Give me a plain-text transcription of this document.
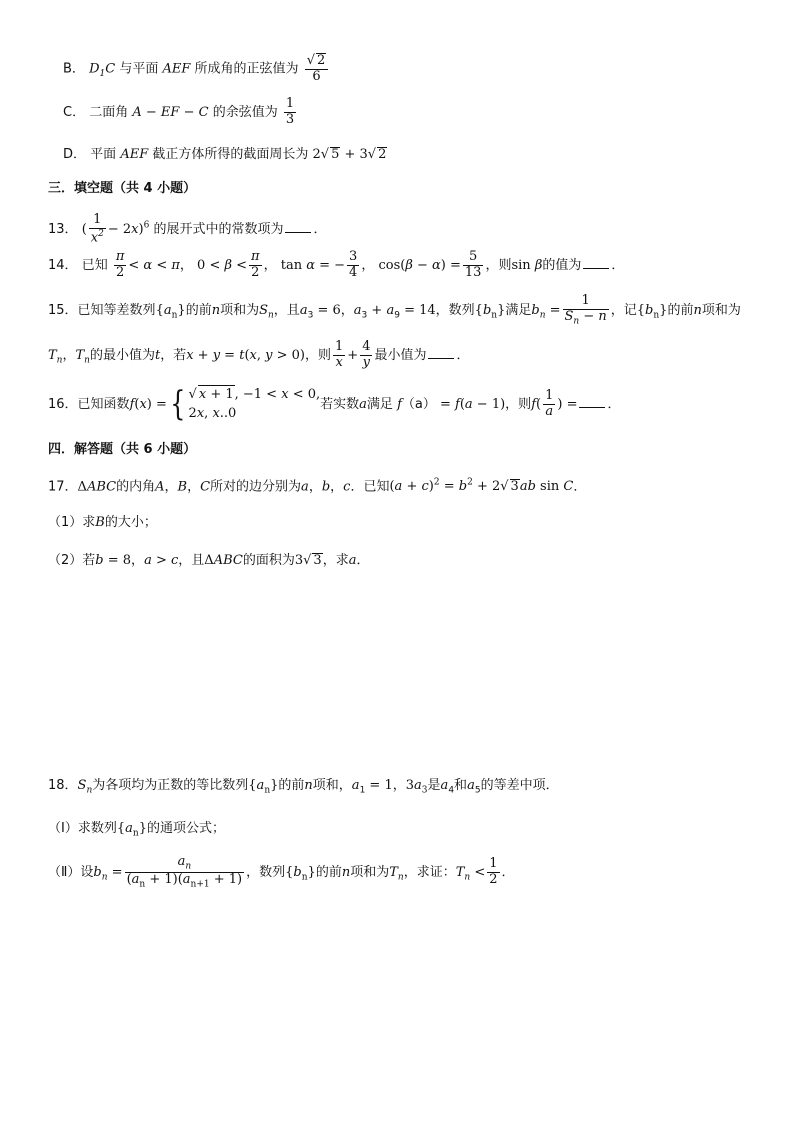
B． $D_1C$ 与平面 AEF 所成角的正弦值为 $\frac{√ 2}{6}$
C． 二面角 A − EF − C 的余弦值为 $\frac{1}{3}$
D． 平面 AEF 截正方体所得的截面周长为 2√ 5 + 3√ 2
三．填空题（共 4 小题）
13． ( $\frac{1}{x^2} - 2x)^6$ 的展开式中的常数项为 ．
14． 已知 $\frac{\pi}{2} < \alpha < \pi$， $0 < \beta < \frac{\pi}{2}$ ， tan α = − $\frac{3}{4}$ ， $\cos(\beta - \alpha) = \frac{5}{13}$ ，则sin β的值为 ．
15．已知等差数列$\{a_n\}$的前n项和为$S_n$，且$a_3 = 6$，$a_3 + a_9 = 14$，数列$\{b_n\}$满足$b_n = \frac{1}{S_n - n}$ ，记$\{b_n\}$的前n项和为
$T_n$，$T_n$的最小值为t，若x + y = t(x, y > 0)，则 $\frac{1}{x} + \frac{4}{y}$ 最小值为 ．
16．已知函数f(x) ={ √ x + 1, −1 < x < 0,
2x, x..0
若实数a满足 f（a） = f(a − 1)，则$f( \frac{1}{a}$ ) = ．
四．解答题（共 6 小题）
17．ΔABC的内角A，B，C所对的边分别为a，b，c．已知$(a + c)^2 = b^2 + 2√$ 3ab sin C．
（1）求B的大小；
（2）若b = 8，a > c，且ΔABC的面积为3√ 3，求a．
18．$S_n$为各项均为正数的等比数列$\{a_n\}$的前n项和，$a_1 = 1$，$3a_3$是$a_4$和$a_5$的等差中项．
（Ⅰ）求数列$\{a_n\}$的通项公式；
（Ⅱ）设$b_n = \frac{a_n}{(a_n + 1)(a_{n+1} + 1)}$ ，数列$\{b_n\}$的前n项和为$T_n$，求证：$T_n < \frac{1}{2}$ ．
